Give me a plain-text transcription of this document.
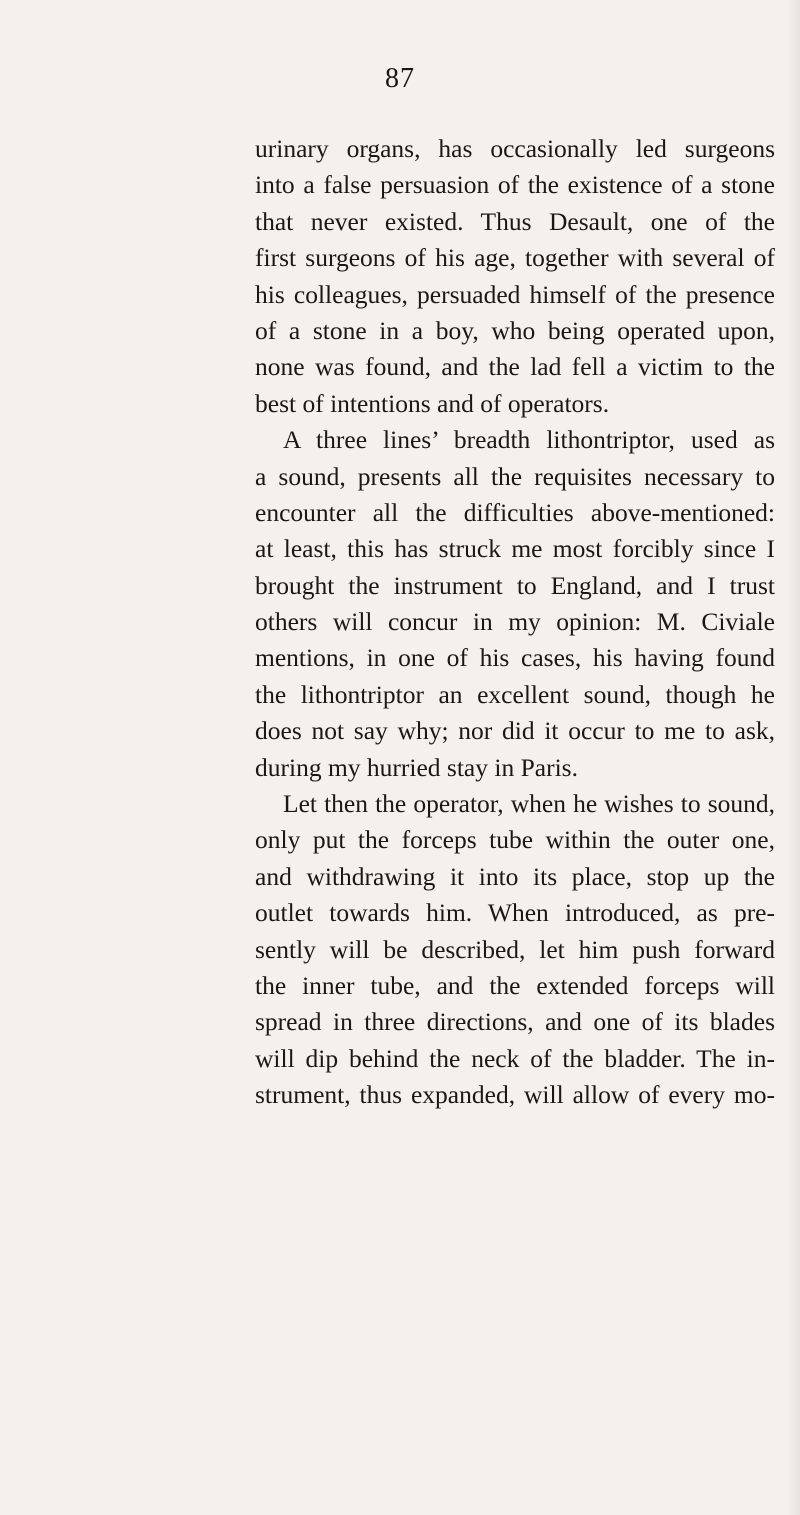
87
urinary organs, has occasionally led surgeons
into a false persuasion of the existence of a stone
that never existed. Thus Desault, one of the
first surgeons of his age, together with several of
his colleagues, persuaded himself of the presence
of a stone in a boy, who being operated upon,
none was found, and the lad fell a victim to the
best of intentions and of operators.
A three lines’ breadth lithontriptor, used as
a sound, presents all the requisites necessary to
encounter all the difficulties above-mentioned:
at least, this has struck me most forcibly since I
brought the instrument to England, and I trust
others will concur in my opinion: M. Civiale
mentions, in one of his cases, his having found
the lithontriptor an excellent sound, though he
does not say why; nor did it occur to me to ask,
during my hurried stay in Paris.
Let then the operator, when he wishes to sound,
only put the forceps tube within the outer one,
and withdrawing it into its place, stop up the
outlet towards him. When introduced, as pre-
sently will be described, let him push forward
the inner tube, and the extended forceps will
spread in three directions, and one of its blades
will dip behind the neck of the bladder. The in-
strument, thus expanded, will allow of every mo-
